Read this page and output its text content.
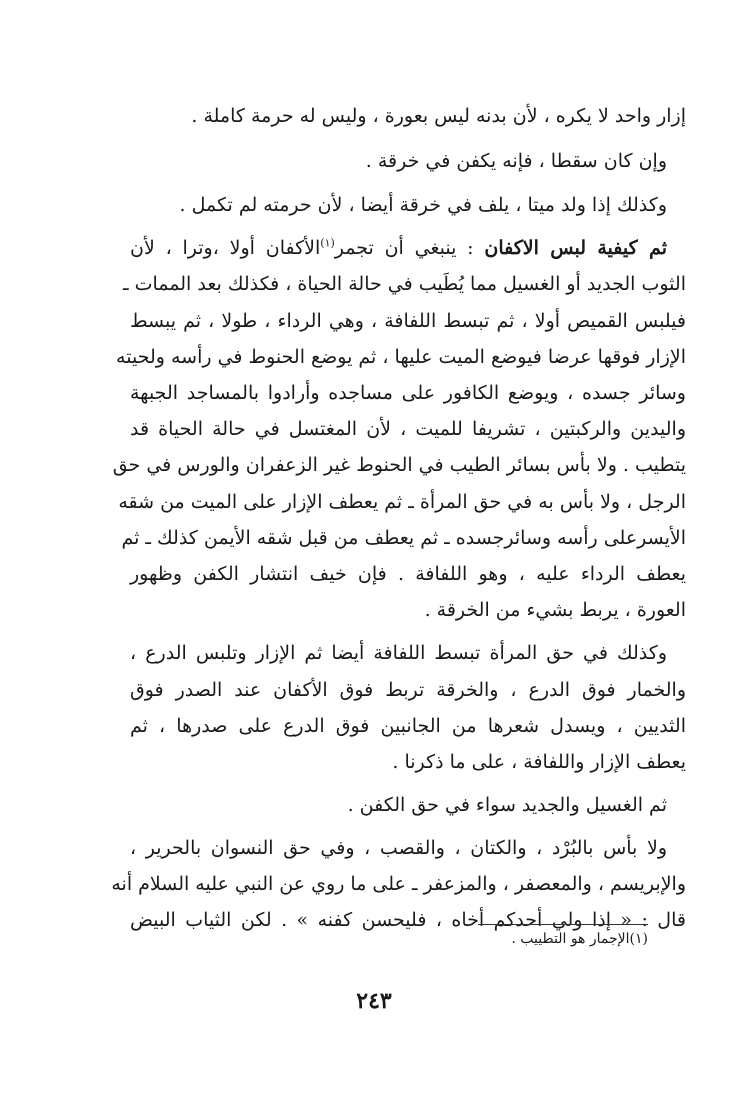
إزار واحد لا يكره ، لأن بدنه ليس بعورة ، وليس له حرمة كاملة .
وإن كان سقطا ، فإنه يكفن في خرقة .
وكذلك إذا ولد ميتا ، يلف في خرقة أيضا ، لأن حرمته لم تكمل .
ثم كيفية لبس الاكفان : ينبغي أن تجمر$^{(١)}$الأكفان أولا ،وترا ، لأن
الثوب الجديد أو الغسيل مما يُطَيب في حالة الحياة ، فكذلك بعد الممات ـ
فيلبس القميص أولا ، ثم تبسط اللفافة ، وهي الرداء ، طولا ، ثم يبسط
الإزار فوقها عرضا فيوضع الميت عليها ، ثم يوضع الحنوط في رأسه ولحيته
وسائر جسده ، ويوضع الكافور على مساجده وأرادوا بالمساجد الجبهة
واليدين والركبتين ، تشريفا للميت ، لأن المغتسل في حالة الحياة قد
يتطيب . ولا بأس بسائر الطيب في الحنوط غير الزعفران والورس في حق
الرجل ، ولا بأس به في حق المرأة ـ ثم يعطف الإزار على الميت من شقه
الأيسرعلى رأسه وسائرجسده ـ ثم يعطف من قبل شقه الأيمن كذلك ـ ثم
يعطف الرداء عليه ، وهو اللفافة . فإن خيف انتشار الكفن وظهور
العورة ، يربط بشيء من الخرقة .
وكذلك في حق المرأة تبسط اللفافة أيضا ثم الإزار وتلبس الدرع ،
والخمار فوق الدرع ، والخرقة تربط فوق الأكفان عند الصدر فوق
الثديين ، ويسدل شعرها من الجانبين فوق الدرع على صدرها ، ثم
يعطف الإزار واللفافة ، على ما ذكرنا .
ثم الغسيل والجديد سواء في حق الكفن .
ولا بأس بالبُرْد ، والكتان ، والقصب ، وفي حق النسوان بالحرير ،
والإبريسم ، والمعصفر ، والمزعفر ـ على ما روي عن النبي عليه السلام أنه
قال : « إذا ولي أحدكم أخاه ، فليحسن كفنه » . لكن الثياب البيض
(١)الإجمار هو التطييب .
٢٤٣
